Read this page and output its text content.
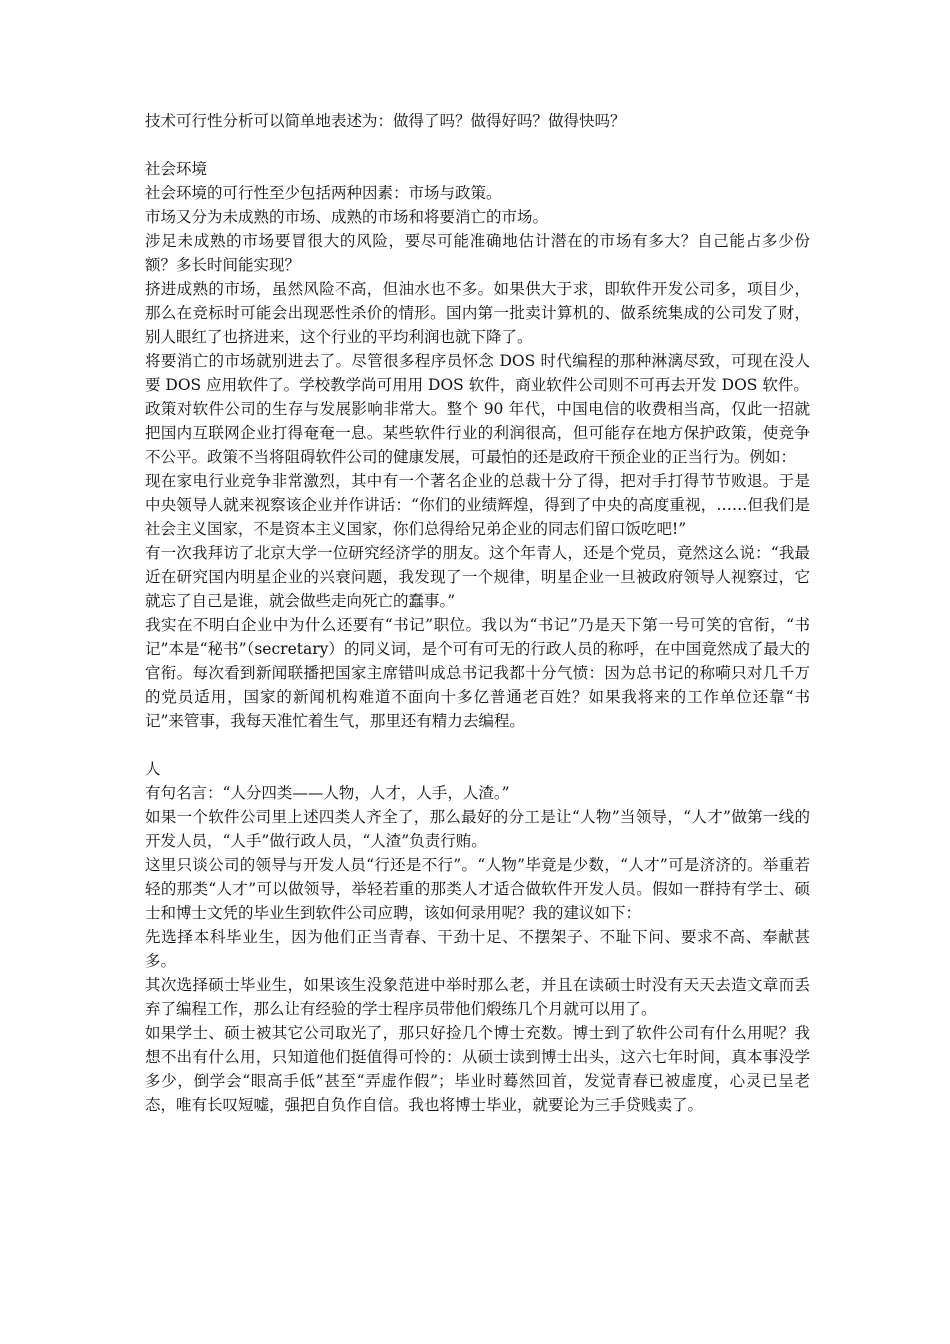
技术可行性分析可以简单地表述为：做得了吗？做得好吗？做得快吗？

社会环境

社会环境的可行性至少包括两种因素：市场与政策。

市场又分为未成熟的市场、成熟的市场和将要消亡的市场。

涉足未成熟的市场要冒很大的风险，要尽可能准确地估计潜在的市场有多大？自己能占多少份额？多长时间能实现？

挤进成熟的市场，虽然风险不高，但油水也不多。如果供大于求，即软件开发公司多，项目少，那么在竞标时可能会出现恶性杀价的情形。国内第一批卖计算机的、做系统集成的公司发了财，别人眼红了也挤进来，这个行业的平均利润也就下降了。

将要消亡的市场就别进去了。尽管很多程序员怀念 DOS 时代编程的那种淋漓尽致，可现在没人要 DOS 应用软件了。学校教学尚可用用 DOS 软件，商业软件公司则不可再去开发 DOS 软件。

政策对软件公司的生存与发展影响非常大。整个 90 年代，中国电信的收费相当高，仅此一招就把国内互联网企业打得奄奄一息。某些软件行业的利润很高，但可能存在地方保护政策，使竞争不公平。政策不当将阻碍软件公司的健康发展，可最怕的还是政府干预企业的正当行为。例如：

现在家电行业竞争非常激烈，其中有一个著名企业的总裁十分了得，把对手打得节节败退。于是中央领导人就来视察该企业并作讲话：“你们的业绩辉煌，得到了中央的高度重视，……但我们是社会主义国家，不是资本主义国家，你们总得给兄弟企业的同志们留口饭吃吧!”

有一次我拜访了北京大学一位研究经济学的朋友。这个年青人，还是个党员，竟然这么说：“我最近在研究国内明星企业的兴衰问题，我发现了一个规律，明星企业一旦被政府领导人视察过，它就忘了自己是谁，就会做些走向死亡的蠢事。”

我实在不明白企业中为什么还要有“书记”职位。我以为“书记”乃是天下第一号可笑的官衔，“书记”本是“秘书”（secretary）的同义词，是个可有可无的行政人员的称呼，在中国竟然成了最大的官衔。每次看到新闻联播把国家主席错叫成总书记我都十分气愤：因为总书记的称嗬只对几千万的党员适用，国家的新闻机构难道不面向十多亿普通老百姓？如果我将来的工作单位还靠“书记”来管事，我每天准忙着生气，那里还有精力去编程。

人

有句名言：“人分四类——人物，人才，人手，人渣。”

如果一个软件公司里上述四类人齐全了，那么最好的分工是让“人物”当领导，“人才”做第一线的开发人员，“人手”做行政人员，“人渣”负责行贿。

这里只谈公司的领导与开发人员“行还是不行”。“人物”毕竟是少数，“人才”可是济济的。举重若轻的那类“人才”可以做领导，举轻若重的那类人才适合做软件开发人员。假如一群持有学士、硕士和博士文凭的毕业生到软件公司应聘，该如何录用呢？我的建议如下：

先选择本科毕业生，因为他们正当青春、干劲十足、不摆架子、不耻下问、要求不高、奉献甚多。

其次选择硕士毕业生，如果该生没象范进中举时那么老，并且在读硕士时没有天天去造文章而丢弃了编程工作，那么让有经验的学士程序员带他们煅练几个月就可以用了。

如果学士、硕士被其它公司取光了，那只好捡几个博士充数。博士到了软件公司有什么用呢？我想不出有什么用，只知道他们挺值得可怜的：从硕士读到博士出头，这六七年时间，真本事没学多少，倒学会“眼高手低”甚至“弄虚作假”；毕业时蓦然回首，发觉青春已被虚度，心灵已呈老态，唯有长叹短嘘，强把自负作自信。我也将博士毕业，就要论为三手贷贱卖了。
